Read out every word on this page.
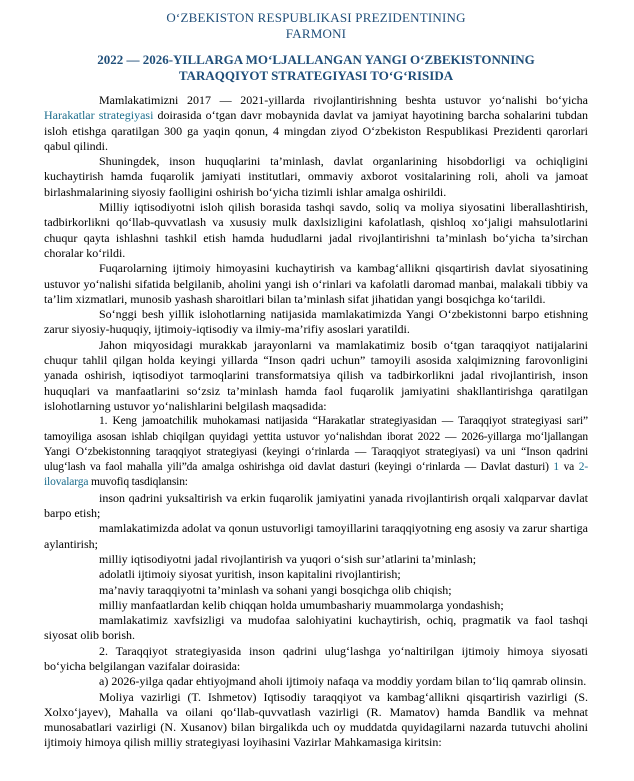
O‘ZBEKISTON RESPUBLIKASI PREZIDENTINING
FARMONI
2022 — 2026-YILLARGA MO‘LJALLANGAN YANGI O‘ZBEKISTONNING
TARAQQIYOT STRATEGIYASI TO‘G‘RISIDA

Mamlakatimizni 2017 — 2021-yillarda rivojlantirishning beshta ustuvor yo‘nalishi bo‘yicha Harakatlar strategiyasi doirasida o‘tgan davr mobaynida davlat va jamiyat hayotining barcha sohalarini tubdan isloh etishga qaratilgan 300 ga yaqin qonun, 4 mingdan ziyod O‘zbekiston Respublikasi Prezidenti qarorlari qabul qilindi.

Shuningdek, inson huquqlarini ta’minlash, davlat organlarining hisobdorligi va ochiqligini kuchaytirish hamda fuqarolik jamiyati institutlari, ommaviy axborot vositalarining roli, aholi va jamoat birlashmalarining siyosiy faolligini oshirish bo‘yicha tizimli ishlar amalga oshirildi.

Milliy iqtisodiyotni isloh qilish borasida tashqi savdo, soliq va moliya siyosatini liberallashtirish, tadbirkorlikni qo‘llab-quvvatlash va xususiy mulk daxlsizligini kafolatlash, qishloq xo‘jaligi mahsulotlarini chuqur qayta ishlashni tashkil etish hamda hududlarni jadal rivojlantirishni ta’minlash bo‘yicha ta’sirchan choralar ko‘rildi.

Fuqarolarning ijtimoiy himoyasini kuchaytirish va kambag‘allikni qisqartirish davlat siyosatining ustuvor yo‘nalishi sifatida belgilanib, aholini yangi ish o‘rinlari va kafolatli daromad manbai, malakali tibbiy va ta’lim xizmatlari, munosib yashash sharoitlari bilan ta’minlash sifat jihatidan yangi bosqichga ko‘tarildi.

So‘nggi besh yillik islohotlarning natijasida mamlakatimizda Yangi O‘zbekistonni barpo etishning zarur siyosiy-huquqiy, ijtimoiy-iqtisodiy va ilmiy-ma’rifiy asoslari yaratildi.

Jahon miqyosidagi murakkab jarayonlarni va mamlakatimiz bosib o‘tgan taraqqiyot natijalarini chuqur tahlil qilgan holda keyingi yillarda “Inson qadri uchun” tamoyili asosida xalqimizning farovonligini yanada oshirish, iqtisodiyot tarmoqlarini transformatsiya qilish va tadbirkorlikni jadal rivojlantirish, inson huquqlari va manfaatlarini so‘zsiz ta’minlash hamda faol fuqarolik jamiyatini shakllantirishga qaratilgan islohotlarning ustuvor yo‘nalishlarini belgilash maqsadida:

1. Keng jamoatchilik muhokamasi natijasida “Harakatlar strategiyasidan — Taraqqiyot strategiyasi sari” tamoyiliga asosan ishlab chiqilgan quyidagi yettita ustuvor yo‘nalishdan iborat 2022 — 2026-yillarga mo‘ljallangan Yangi O‘zbekistonning taraqqiyot strategiyasi (keyingi o‘rinlarda — Taraqqiyot strategiyasi) va uni “Inson qadrini ulug‘lash va faol mahalla yili”da amalga oshirishga oid davlat dasturi (keyingi o‘rinlarda — Davlat dasturi) 1 va 2-ilovalarga muvofiq tasdiqlansin:

inson qadrini yuksaltirish va erkin fuqarolik jamiyatini yanada rivojlantirish orqali xalqparvar davlat barpo etish;

mamlakatimizda adolat va qonun ustuvorligi tamoyillarini taraqqiyotning eng asosiy va zarur shartiga aylantirish;

milliy iqtisodiyotni jadal rivojlantirish va yuqori o‘sish sur’atlarini ta’minlash;

adolatli ijtimoiy siyosat yuritish, inson kapitalini rivojlantirish;

ma’naviy taraqqiyotni ta’minlash va sohani yangi bosqichga olib chiqish;

milliy manfaatlardan kelib chiqqan holda umumbashariy muammolarga yondashish;

mamlakatimiz xavfsizligi va mudofaa salohiyatini kuchaytirish, ochiq, pragmatik va faol tashqi siyosat olib borish.

2. Taraqqiyot strategiyasida inson qadrini ulug‘lashga yo‘naltirilgan ijtimoiy himoya siyosati bo‘yicha belgilangan vazifalar doirasida:

a) 2026-yilga qadar ehtiyojmand aholi ijtimoiy nafaqa va moddiy yordam bilan to‘liq qamrab olinsin.

Moliya vazirligi (T. Ishmetov) Iqtisodiy taraqqiyot va kambag‘allikni qisqartirish vazirligi (S. Xolxo‘jayev), Mahalla va oilani qo‘llab-quvvatlash vazirligi (R. Mamatov) hamda Bandlik va mehnat munosabatlari vazirligi (N. Xusanov) bilan birgalikda uch oy muddatda quyidagilarni nazarda tutuvchi aholini ijtimoiy himoya qilish milliy strategiyasi loyihasini Vazirlar Mahkamasiga kiritsin:
